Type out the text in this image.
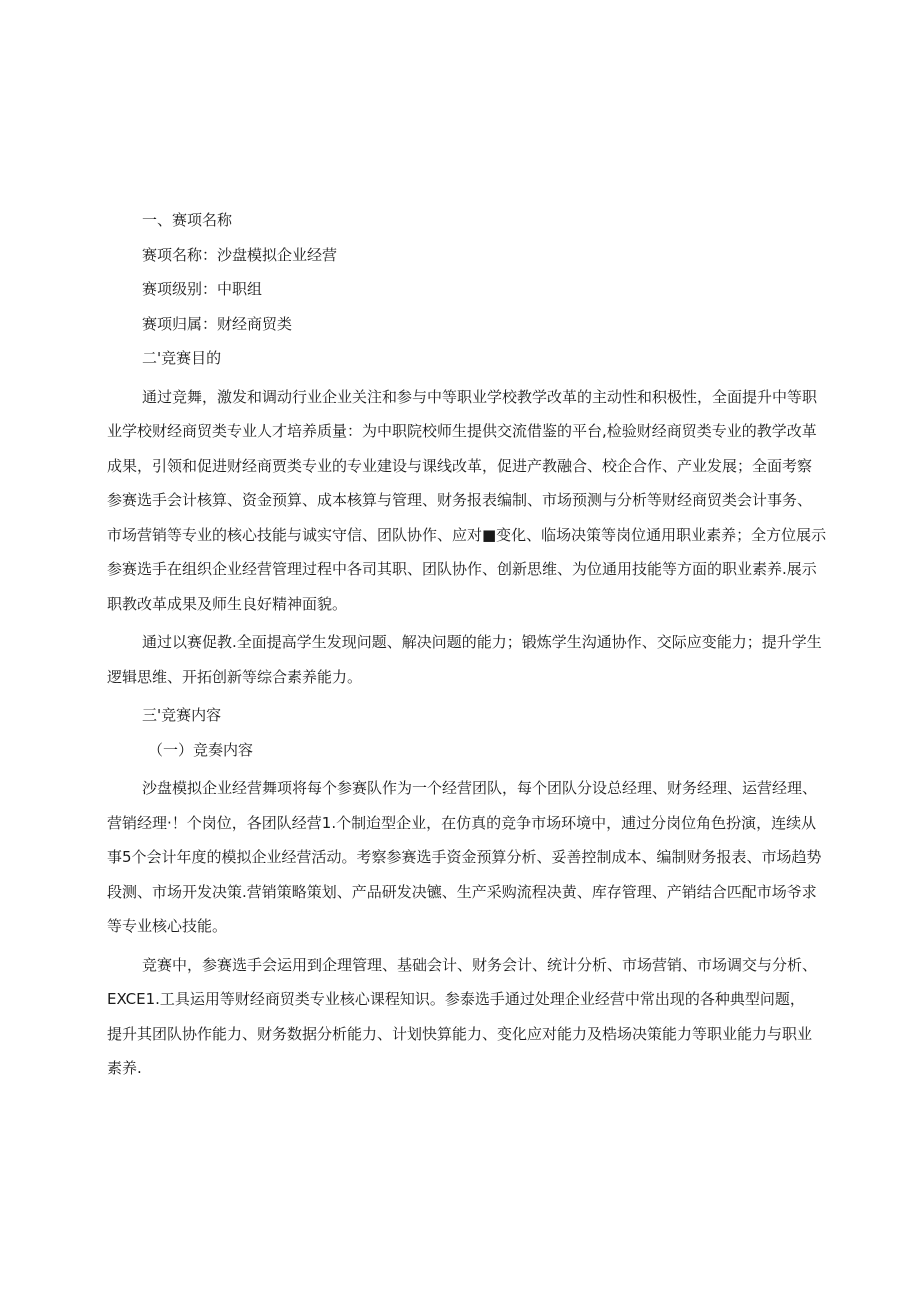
一、赛项名称
赛项名称：沙盘模拟企业经营
赛项级别：中职组
赛项归属：财经商贸类
二'竞赛目的
通过竞舞，激发和调动行业企业关注和参与中等职业学校教学改革的主动性和积极性，全面提升中等职
业学校财经商贸类专业人才培养质量：为中职院校师生提供交流借鉴的平台,检验财经商贸类专业的教学改革
成果，引领和促进财经商贾类专业的专业建设与课线改革，促进产教融合、校企合作、产业发展；全面考察
参赛选手会计核算、资金预算、成本核算与管理、财务报表编制、市场预测与分析等财经商贸类会计事务、
市场营销等专业的核心技能与诚实守信、团队协作、应对■变化、临场决策等岗位通用职业素养；全方位展示
参赛选手在组织企业经营管理过程中各司其职、团队协作、创新思维、为位通用技能等方面的职业素养.展示
职教改革成果及师生良好精神面貌。
通过以赛促教.全面提高学生发现问题、解决问题的能力；锻炼学生沟通协作、交际应变能力；提升学生
逻辑思维、开拓创新等综合素养能力。
三'竞赛内容
（一）竞奏内容
沙盘模拟企业经营舞项将每个参赛队作为一个经营团队，每个团队分设总经理、财务经理、运营经理、
营销经理·！个岗位，各团队经营1.个制迨型企业，在仿真的竞争市场环境中，逋过分岗位角色扮演，连续从
事5个会计年度的模拟企业经营活动。考察参赛选手资金预算分析、妥善控制成本、编制财务报表、市场趋势
段测、市场开发决策.营销策略策划、产品研发决镳、生产采购流程决黄、库存管理、产销结合匹配市场爷求
等专业核心技能。
竞赛中，参赛选手会运用到企理管理、基础会计、财务会计、统计分析、市场营销、市场调交与分析、
EXCE1.工具运用等财经商贸类专业核心课程知识。参泰选手通过处理企业经营中常出现的各种典型问题，
提升其团队协作能力、财务数据分析能力、计划快算能力、变化应对能力及梏场决策能力等职业能力与职业
素养.
